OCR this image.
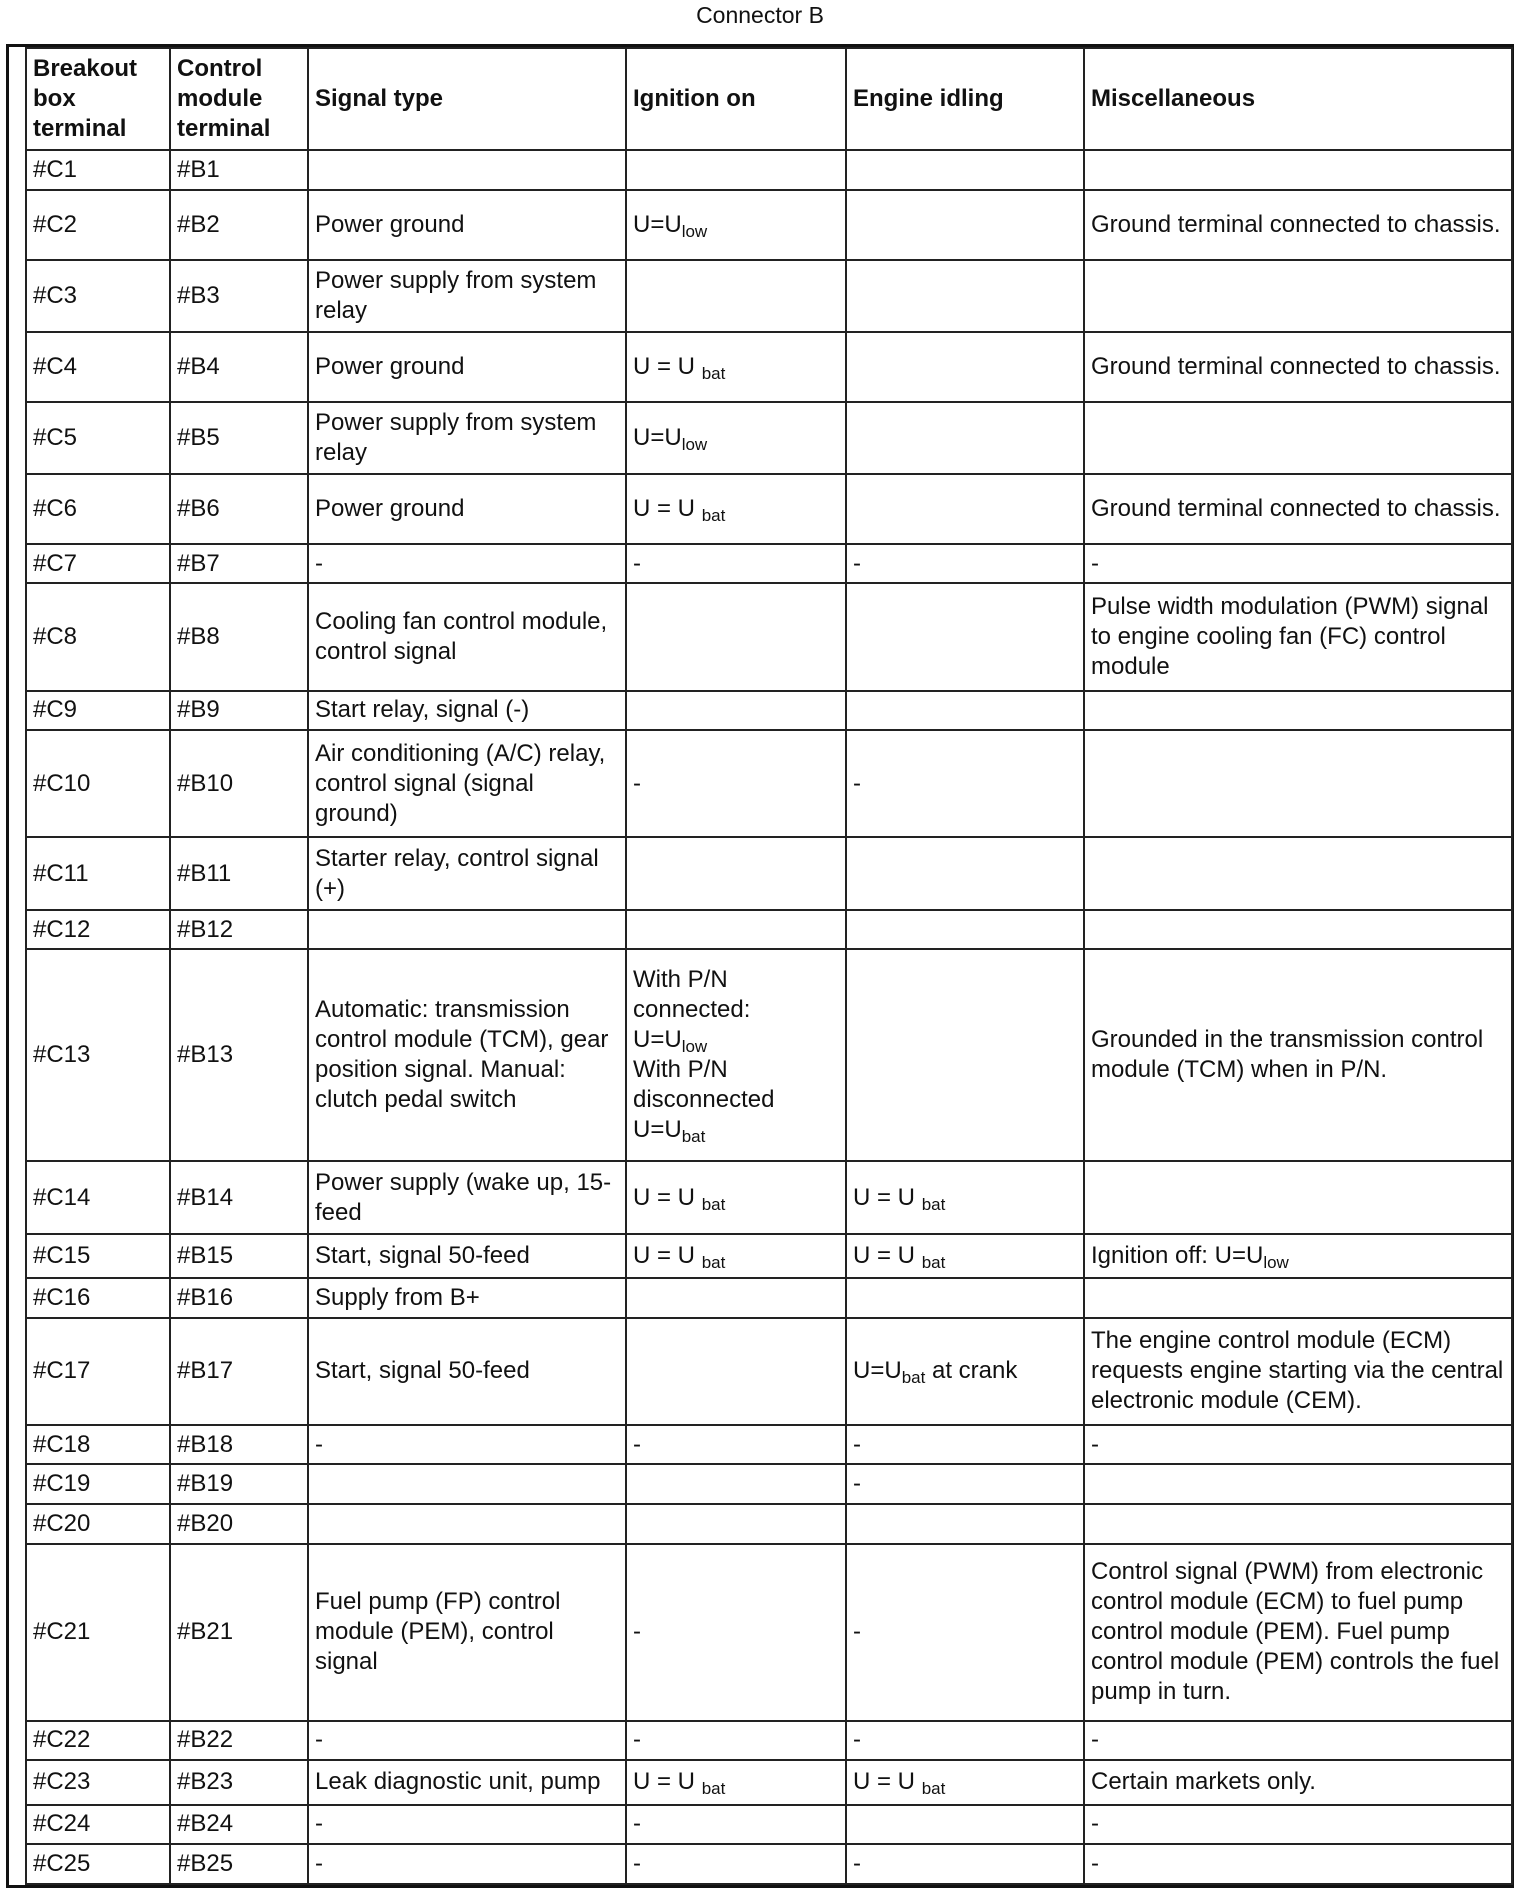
Connector B
Breakout
box
terminal	Control
module
terminal	Signal type	Ignition on	Engine idling	Miscellaneous
#C1	#B1				
#C2	#B2	Power ground	$U=U_{low}$		Ground terminal connected to chassis.
#C3	#B3	Power supply from system relay			
#C4	#B4	Power ground	U = U $_{bat}$		Ground terminal connected to chassis.
#C5	#B5	Power supply from system relay	$U=U_{low}$		
#C6	#B6	Power ground	U = U $_{bat}$		Ground terminal connected to chassis.
#C7	#B7	-	-	-	-
#C8	#B8	Cooling fan control module, control signal			Pulse width modulation (PWM) signal to engine cooling fan (FC) control module
#C9	#B9	Start relay, signal (-)			
#C10	#B10	Air conditioning (A/C) relay, control signal (signal ground)	-	-	
#C11	#B11	Starter relay, control signal (+)			
#C12	#B12				
#C13	#B13	Automatic: transmission control module (TCM), gear position signal. Manual: clutch pedal switch	With P/N connected:
$U=U_{low}$
With P/N disconnected
$U=U_{bat}$		Grounded in the transmission control module (TCM) when in P/N.
#C14	#B14	Power supply (wake up, 15-feed	U = U $_{bat}$	U = U $_{bat}$	
#C15	#B15	Start, signal 50-feed	U = U $_{bat}$	U = U $_{bat}$	Ignition off: $U=U_{low}$
#C16	#B16	Supply from B+			
#C17	#B17	Start, signal 50-feed		$U=U_{bat}$ at crank	The engine control module (ECM) requests engine starting via the central electronic module (CEM).
#C18	#B18	-	-	-	-
#C19	#B19			-	
#C20	#B20				
#C21	#B21	Fuel pump (FP) control module (PEM), control signal	-	-	Control signal (PWM) from electronic control module (ECM) to fuel pump control module (PEM). Fuel pump control module (PEM) controls the fuel pump in turn.
#C22	#B22	-	-	-	-
#C23	#B23	Leak diagnostic unit, pump	U = U $_{bat}$	U = U $_{bat}$	Certain markets only.
#C24	#B24	-	-		-
#C25	#B25	-	-	-	-
